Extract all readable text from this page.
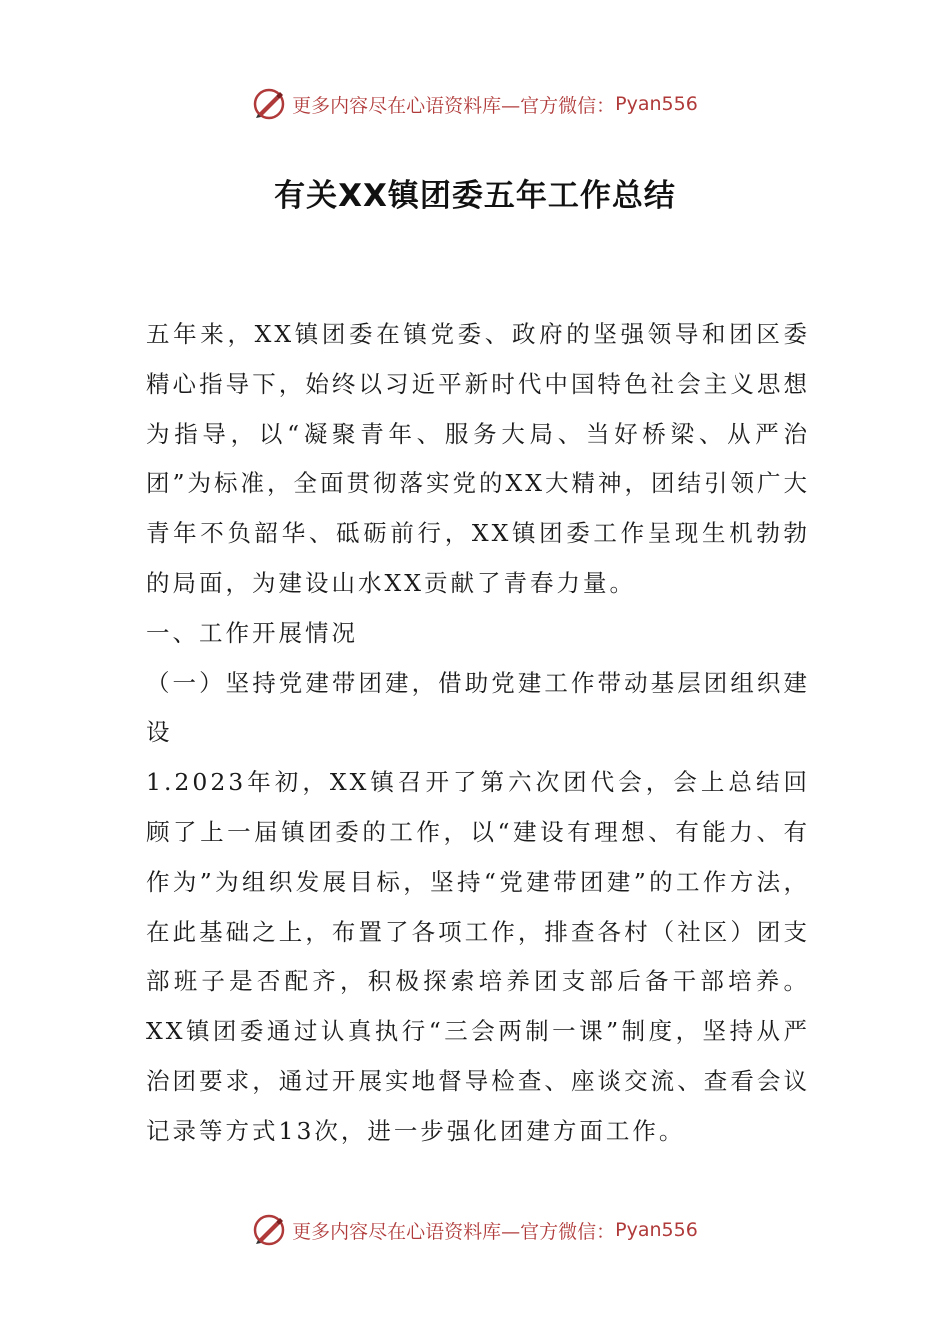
更多内容尽在心语资料库—官方微信： Pyan556
有关XX镇团委五年工作总结

五年来，XX镇团委在镇党委、政府的坚强领导和团区委精心指导下，始终以习近平新时代中国特色社会主义思想为指导，以“凝聚青年、服务大局、当好桥梁、从严治团”为标准，全面贯彻落实党的XX大精神，团结引领广大青年不负韶华、砥砺前行，XX镇团委工作呈现生机勃勃的局面，为建设山水XX贡献了青春力量。

一、工作开展情况

（一）坚持党建带团建，借助党建工作带动基层团组织建设

1.2023年初，XX镇召开了第六次团代会，会上总结回顾了上一届镇团委的工作，以“建设有理想、有能力、有作为”为组织发展目标，坚持“党建带团建”的工作方法，在此基础之上，布置了各项工作，排查各村（社区）团支部班子是否配齐，积极探索培养团支部后备干部培养。XX镇团委通过认真执行“三会两制一课”制度，坚持从严治团要求，通过开展实地督导检查、座谈交流、查看会议记录等方式13次，进一步强化团建方面工作。

更多内容尽在心语资料库—官方微信： Pyan556
